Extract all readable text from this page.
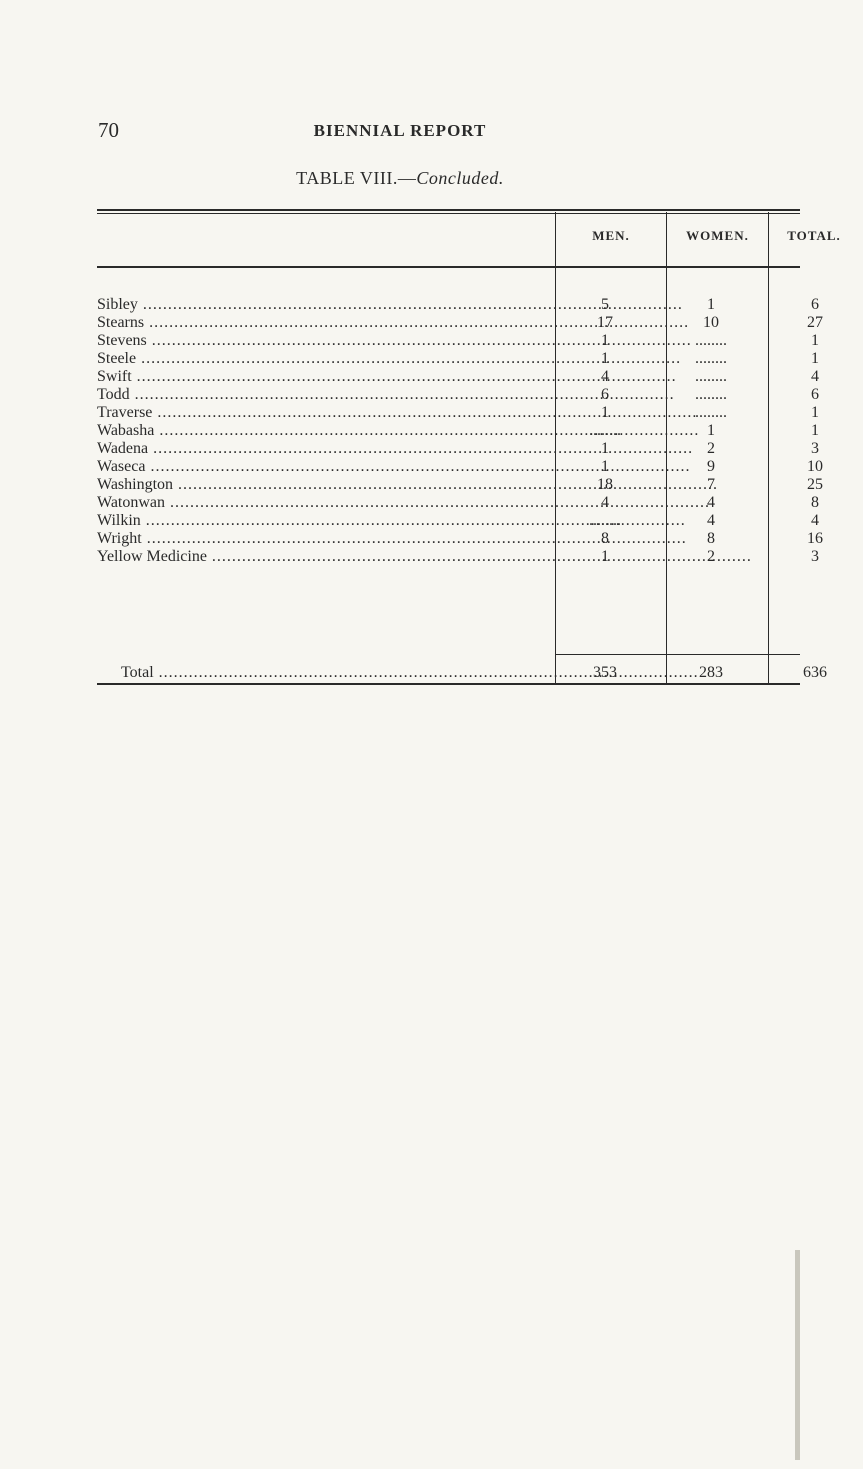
70	BIENNIAL REPORT
TABLE VIII.—Concluded.
MEN.	WOMEN.	TOTAL.
Sibley .....	5	1	6
Stearns .....	17	10	27
Stevens .....	1	........	1
Steele .....	1	........	1
Swift .....	4	........	4
Todd .....	6	........	6
Traverse .....	1	........	1
Wabasha .....	........	1	1
Wadena .....	1	2	3
Waseca .....	1	9	10
Washington .....	18	7	25
Watonwan .....	4	4	8
Wilkin .....	........	4	4
Wright .....	8	8	16
Yellow Medicine .....	1	2	3
Total .....	353	283	636
